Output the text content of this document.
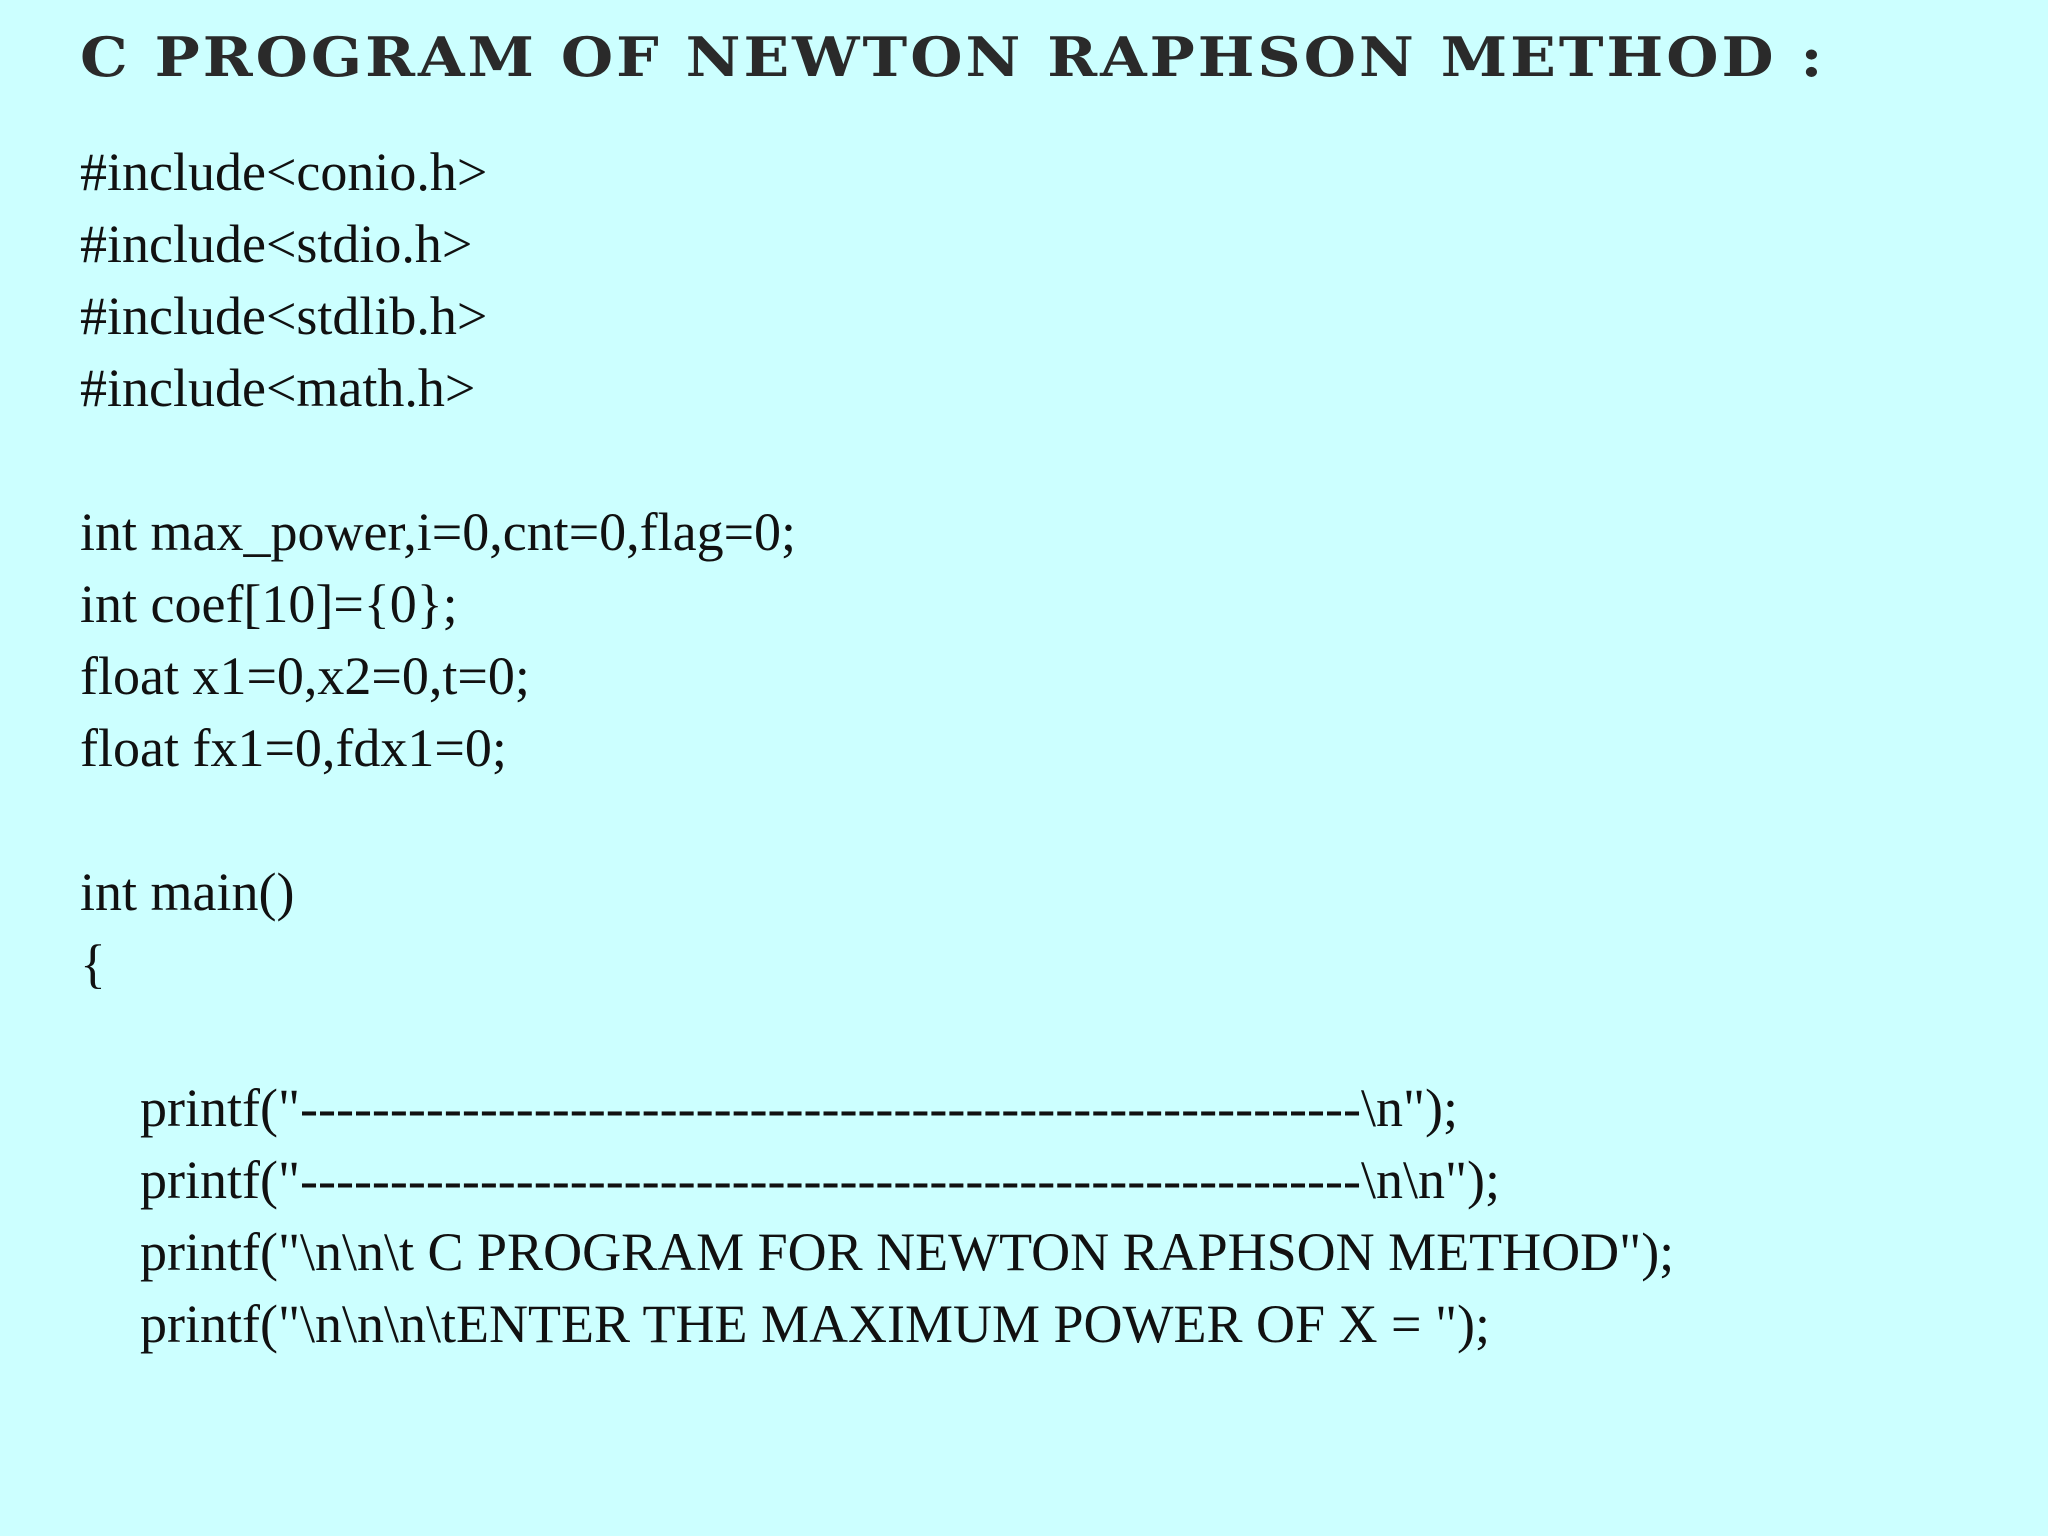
C PROGRAM OF NEWTON RAPHSON METHOD :
#include<conio.h>
#include<stdio.h>
#include<stdlib.h>
#include<math.h>
int max_power,i=0,cnt=0,flag=0;
int coef[10]={0};
float x1=0,x2=0,t=0;
float fx1=0,fdx1=0;
int main()
{
printf("-----------------------------------------------------------\n");
printf("-----------------------------------------------------------\n\n");
printf("\n\n\t C PROGRAM FOR NEWTON RAPHSON METHOD");
printf("\n\n\n\tENTER THE MAXIMUM POWER OF X = ");
